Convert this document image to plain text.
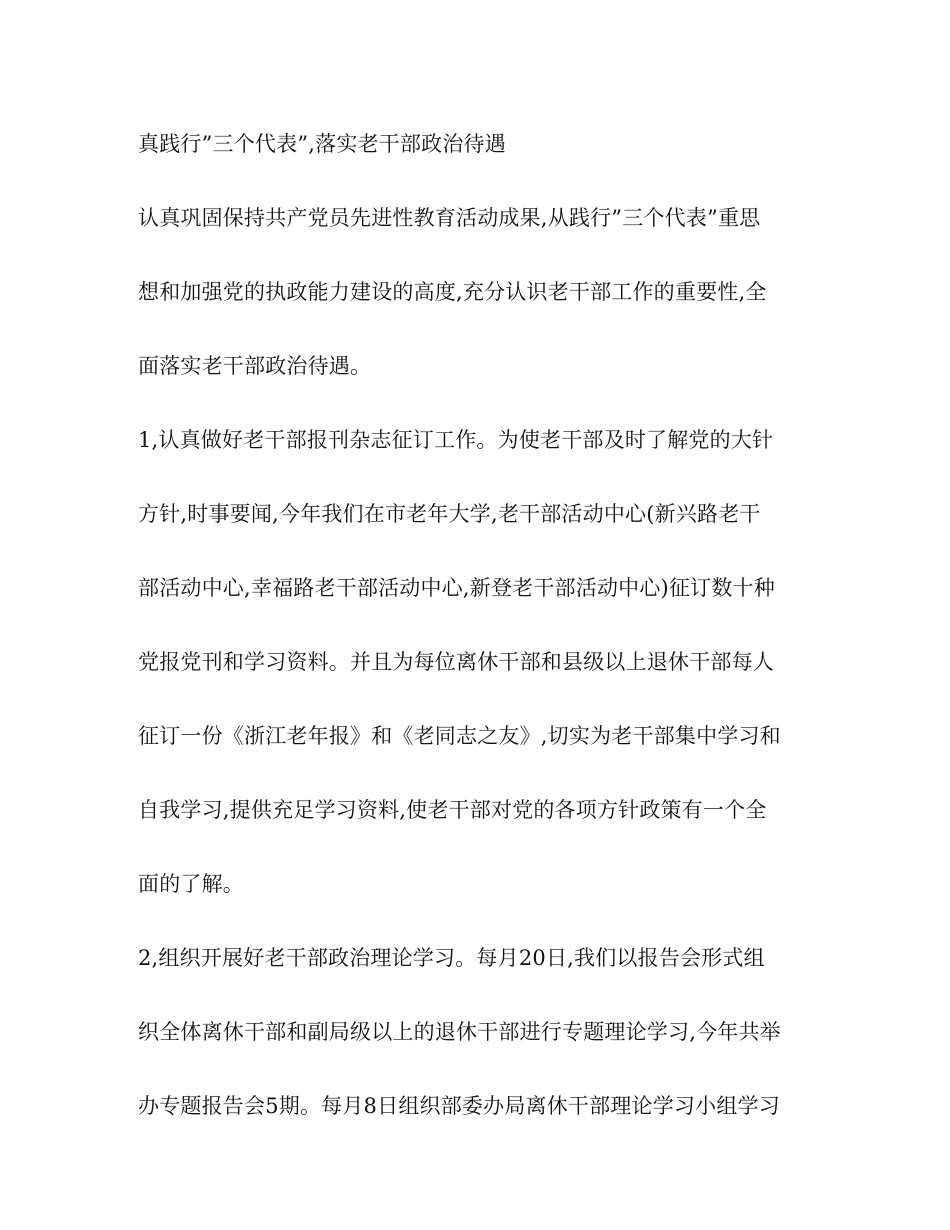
真践行”三个代表”,落实老干部政治待遇
认真巩固保持共产党员先进性教育活动成果,从践行”三个代表”重思
想和加强党的执政能力建设的高度,充分认识老干部工作的重要性,全
面落实老干部政治待遇。
1,认真做好老干部报刊杂志征订工作。为使老干部及时了解党的大针
方针,时事要闻,今年我们在市老年大学,老干部活动中心(新兴路老干
部活动中心,幸福路老干部活动中心,新登老干部活动中心)征订数十种
党报党刊和学习资料。并且为每位离休干部和县级以上退休干部每人
征订一份《浙江老年报》和《老同志之友》,切实为老干部集中学习和
自我学习,提供充足学习资料,使老干部对党的各项方针政策有一个全
面的了解。
2,组织开展好老干部政治理论学习。每月20日,我们以报告会形式组
织全体离休干部和副局级以上的退休干部进行专题理论学习,今年共举
办专题报告会5期。每月8日组织部委办局离休干部理论学习小组学习
